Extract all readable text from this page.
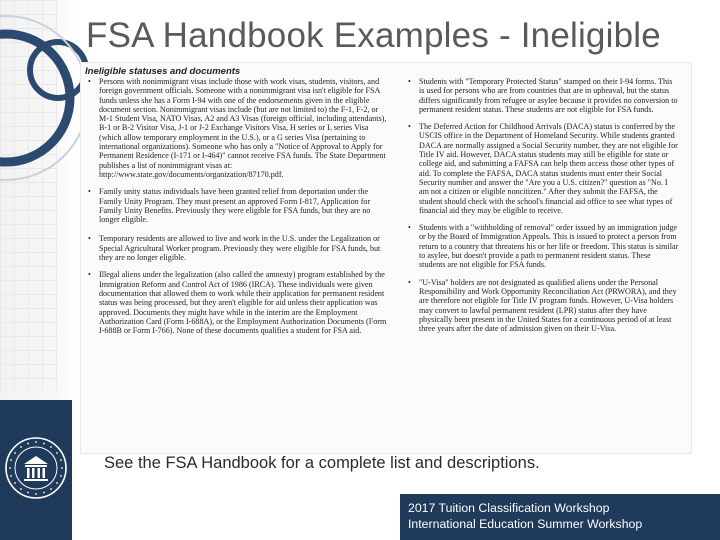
FSA Handbook Examples - Ineligible
Ineligible statuses and documents
• Persons with nonimmigrant visas include those with work visas, students, visitors, and foreign government officials. Someone with a nonimmigrant visa isn't eligible for FSA funds unless she has a Form I-94 with one of the endorsements given in the eligible document section. Nonimmigrant visas include (but are not limited to) the F-1, F-2, or M-1 Student Visa, NATO Visas, A2 and A3 Visas (foreign official, including attendants), B-1 or B-2 Visitor Visa, J-1 or J-2 Exchange Visitors Visa, H series or L series Visa (which allow temporary employment in the U.S.), or a G series Visa (pertaining to international organizations). Someone who has only a "Notice of Approval to Apply for Permanent Residence (I-171 or I-464)" cannot receive FSA funds. The State Department publishes a list of nonimmigrant visas at: http://www.state.gov/documents/organization/87170.pdf.
• Family unity status individuals have been granted relief from deportation under the Family Unity Program. They must present an approved Form I-817, Application for Family Unity Benefits. Previously they were eligible for FSA funds, but they are no longer eligible.
• Temporary residents are allowed to live and work in the U.S. under the Legalization or Special Agricultural Worker program. Previously they were eligible for FSA funds, but they are no longer eligible.
• Illegal aliens under the legalization (also called the amnesty) program established by the Immigration Reform and Control Act of 1986 (IRCA). These individuals were given documentation that allowed them to work while their application for permanent resident status was being processed, but they aren't eligible for aid unless their application was approved. Documents they might have while in the interim are the Employment Authorization Card (Form I-688A), or the Employment Authorization Documents (Form I-688B or Form I-766). None of these documents qualifies a student for FSA aid.
• Students with "Temporary Protected Status" stamped on their I-94 forms. This is used for persons who are from countries that are in upheaval, but the status differs significantly from refugee or asylee because it provides no conversion to permanent resident status. These students are not eligible for FSA funds.
• The Deferred Action for Childhood Arrivals (DACA) status is conferred by the USCIS office in the Department of Homeland Security. While students granted DACA are normally assigned a Social Security number, they are not eligible for Title IV aid. However, DACA status students may still be eligible for state or college aid, and submitting a FAFSA can help them access those other types of aid. To complete the FAFSA, DACA status students must enter their Social Security number and answer the "Are you a U.S. citizen?" question as "No. I am not a citizen or eligible noncitizen." After they submit the FAFSA, the student should check with the school's financial aid office to see what types of financial aid they may be eligible to receive.
• Students with a "withholding of removal" order issued by an immigration judge or by the Board of Immigration Appeals. This is issued to protect a person from return to a country that threatens his or her life or freedom. This status is similar to asylee, but doesn't provide a path to permanent resident status. These students are not eligible for FSA funds.
• "U-Visa" holders are not designated as qualified aliens under the Personal Responsibility and Work Opportunity Reconciliation Act (PRWORA), and they are therefore not eligible for Title IV program funds. However, U-Visa holders may convert to lawful permanent resident (LPR) status after they have physically been present in the United States for a continuous period of at least three years after the date of admission given on their U-Visa.
See the FSA Handbook for a complete list and descriptions.
2017 Tuition Classification Workshop
International Education Summer Workshop
